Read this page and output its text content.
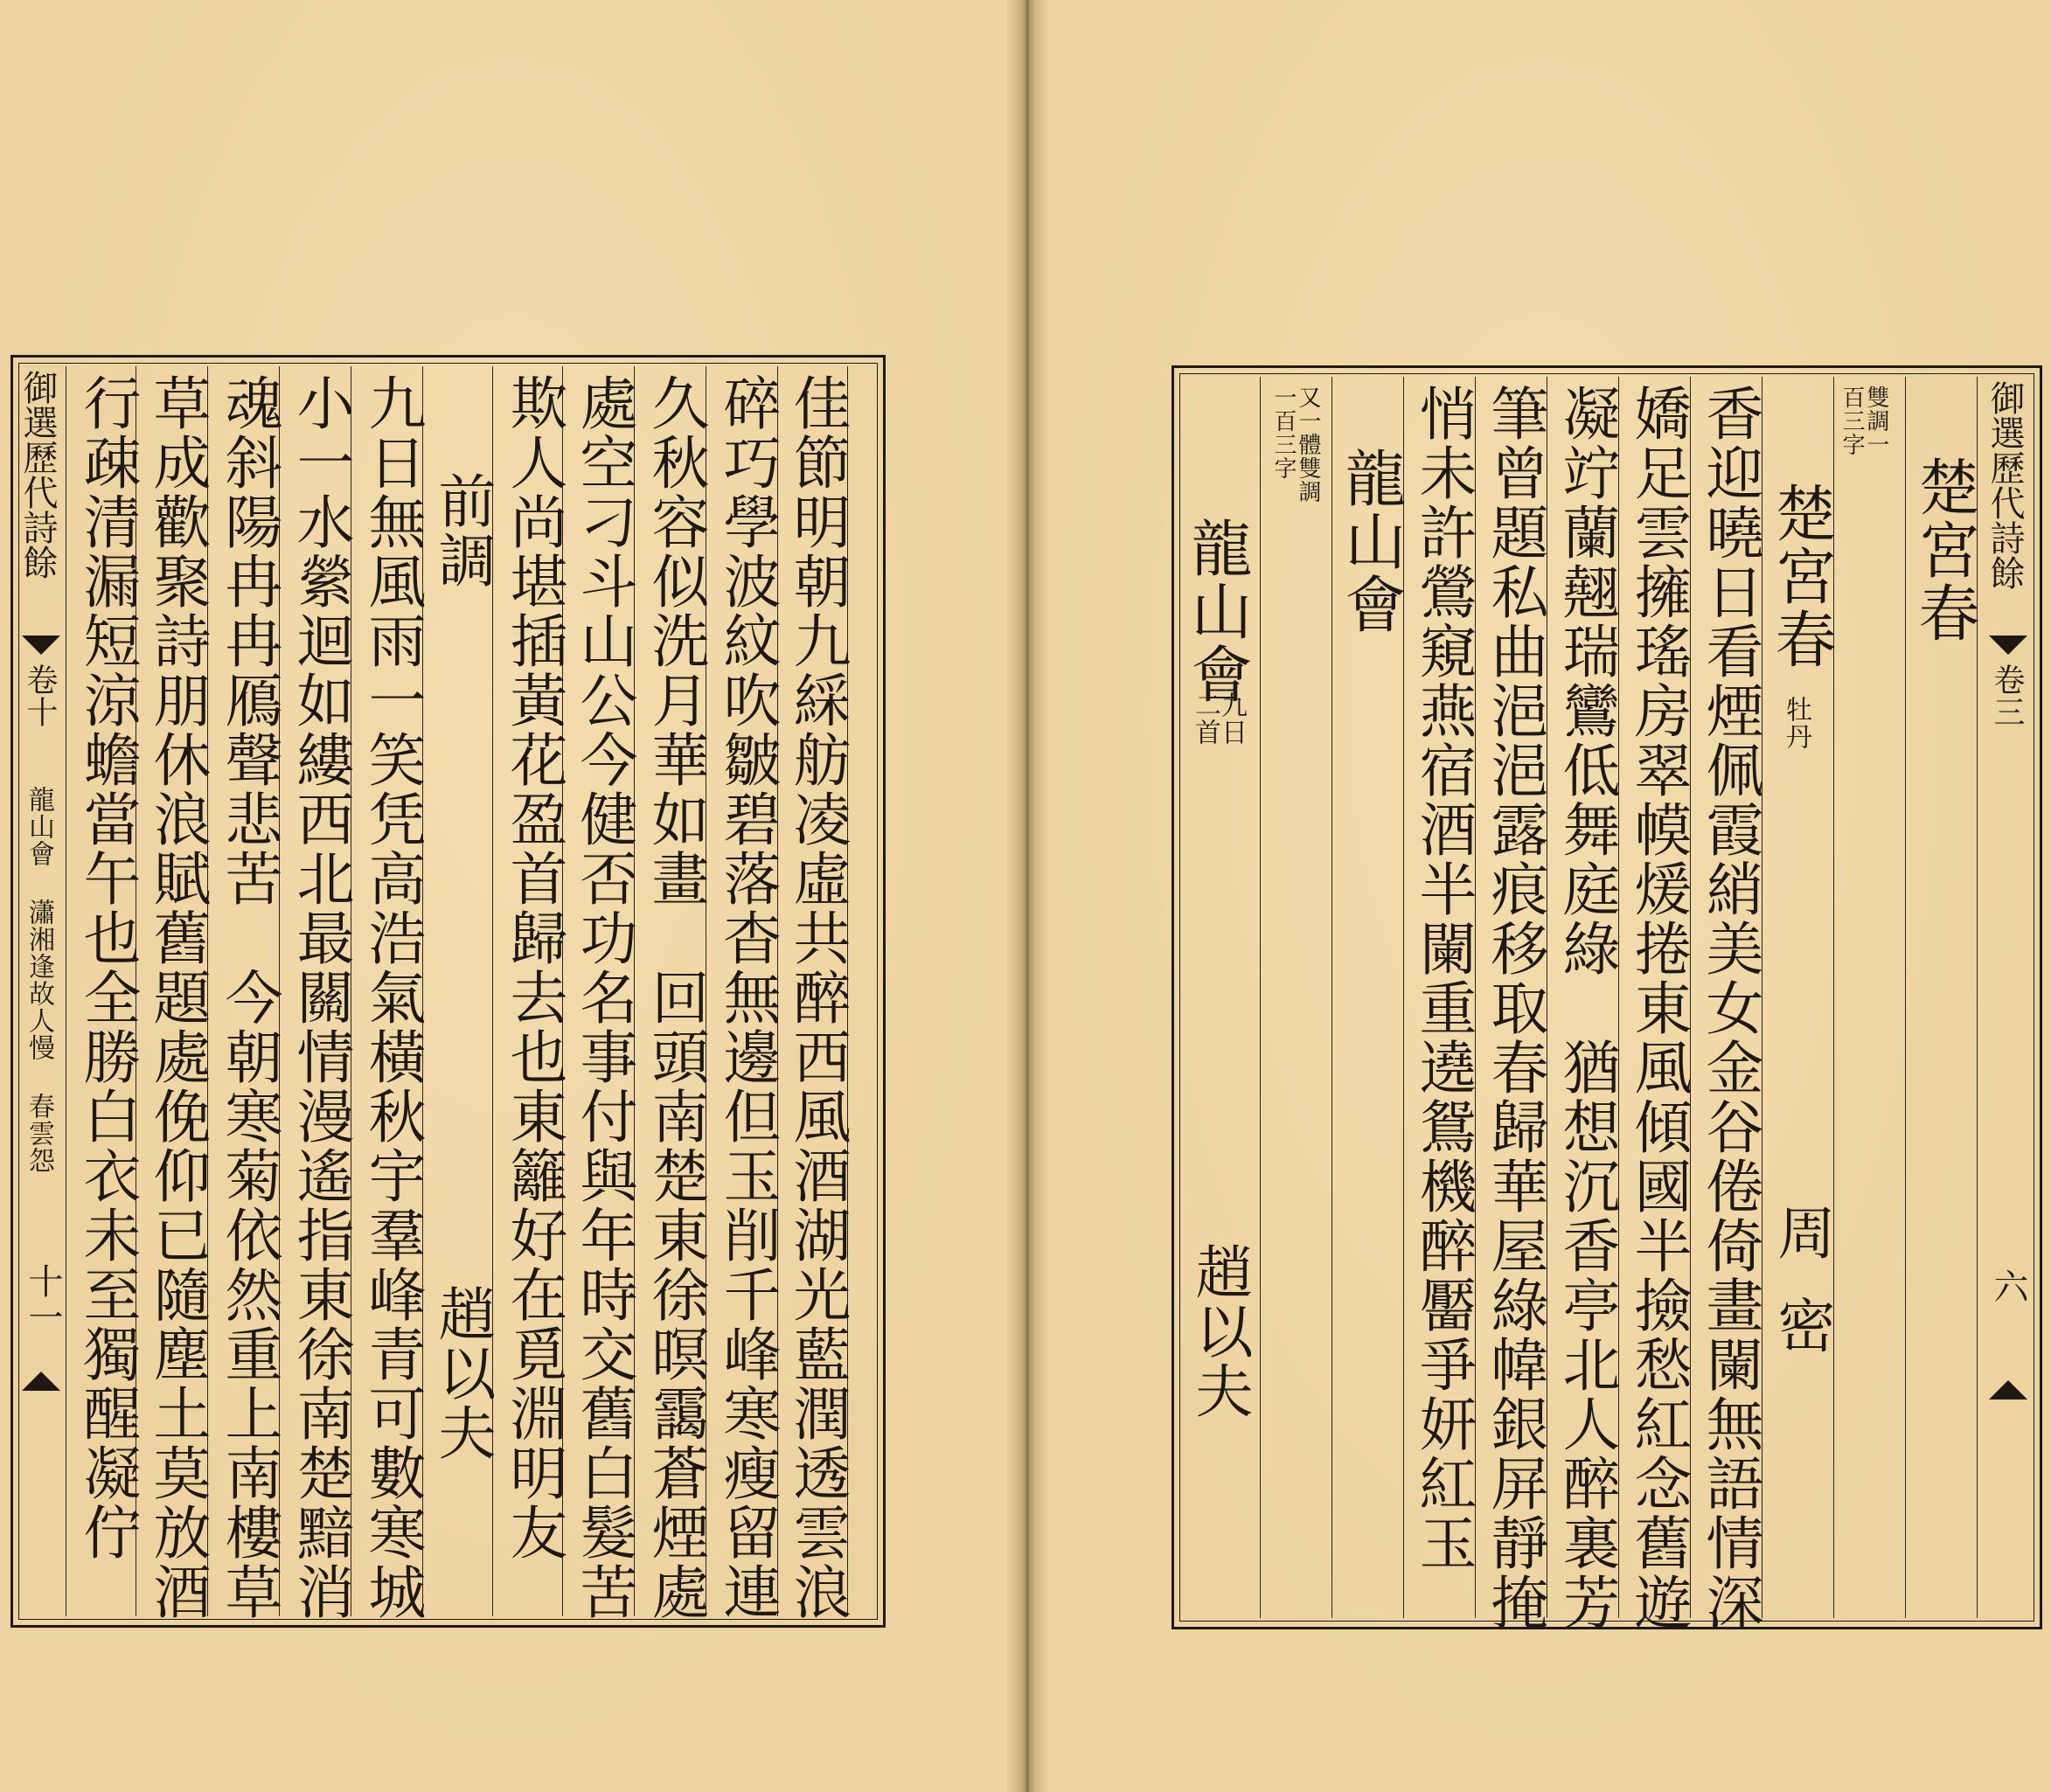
御選歷代詩餘
卷十
龍山會 瀟湘逢故人慢 春雲怨
十一	佳節明朝九綵舫凌虛共醉西風酒湖光藍潤透雲浪
碎巧學波紋吹皺碧落杳無邊但玉削千峰寒瘦留連
久秋容似洗月華如畫　回頭南楚東徐暝靄蒼煙處
處空刁斗山公今健否功名事付與年時交舊白髮苦
欺人尚堪插黃花盈首歸去也東籬好在覓淵明友
前調
趙以夫
九日無風雨一笑凭高浩氣橫秋宇羣峰青可數寒城
小一水縈迴如縷西北最關情漫遙指東徐南楚黯消
魂斜陽冉冉鴈聲悲苦　今朝寒菊依然重上南樓草
草成歡聚詩朋休浪賦舊題處俛仰已隨塵土莫放酒
行疎清漏短涼蟾當午也全勝白衣未至獨醒凝佇	御選歷代詩餘
卷三
六
楚宮春
雙調一
百三字
楚宮春
牡丹
周密
香迎曉日看煙佩霞綃美女金谷倦倚畫闌無語情深
嬌足雲擁瑤房翠幙煖捲東風傾國半撿愁紅念舊遊
凝竚蘭翹瑞鸞低舞庭綠　猶想沉香亭北人醉裏芳
筆曾題私曲浥浥露痕移取春歸華屋綠幃銀屏靜掩
悄未許鶯窺燕宿酒半闌重遶鴛機醉靨爭妍紅玉
龍山會
又一體雙調
一百三字
龍山會
九日
二首
趙以夫
